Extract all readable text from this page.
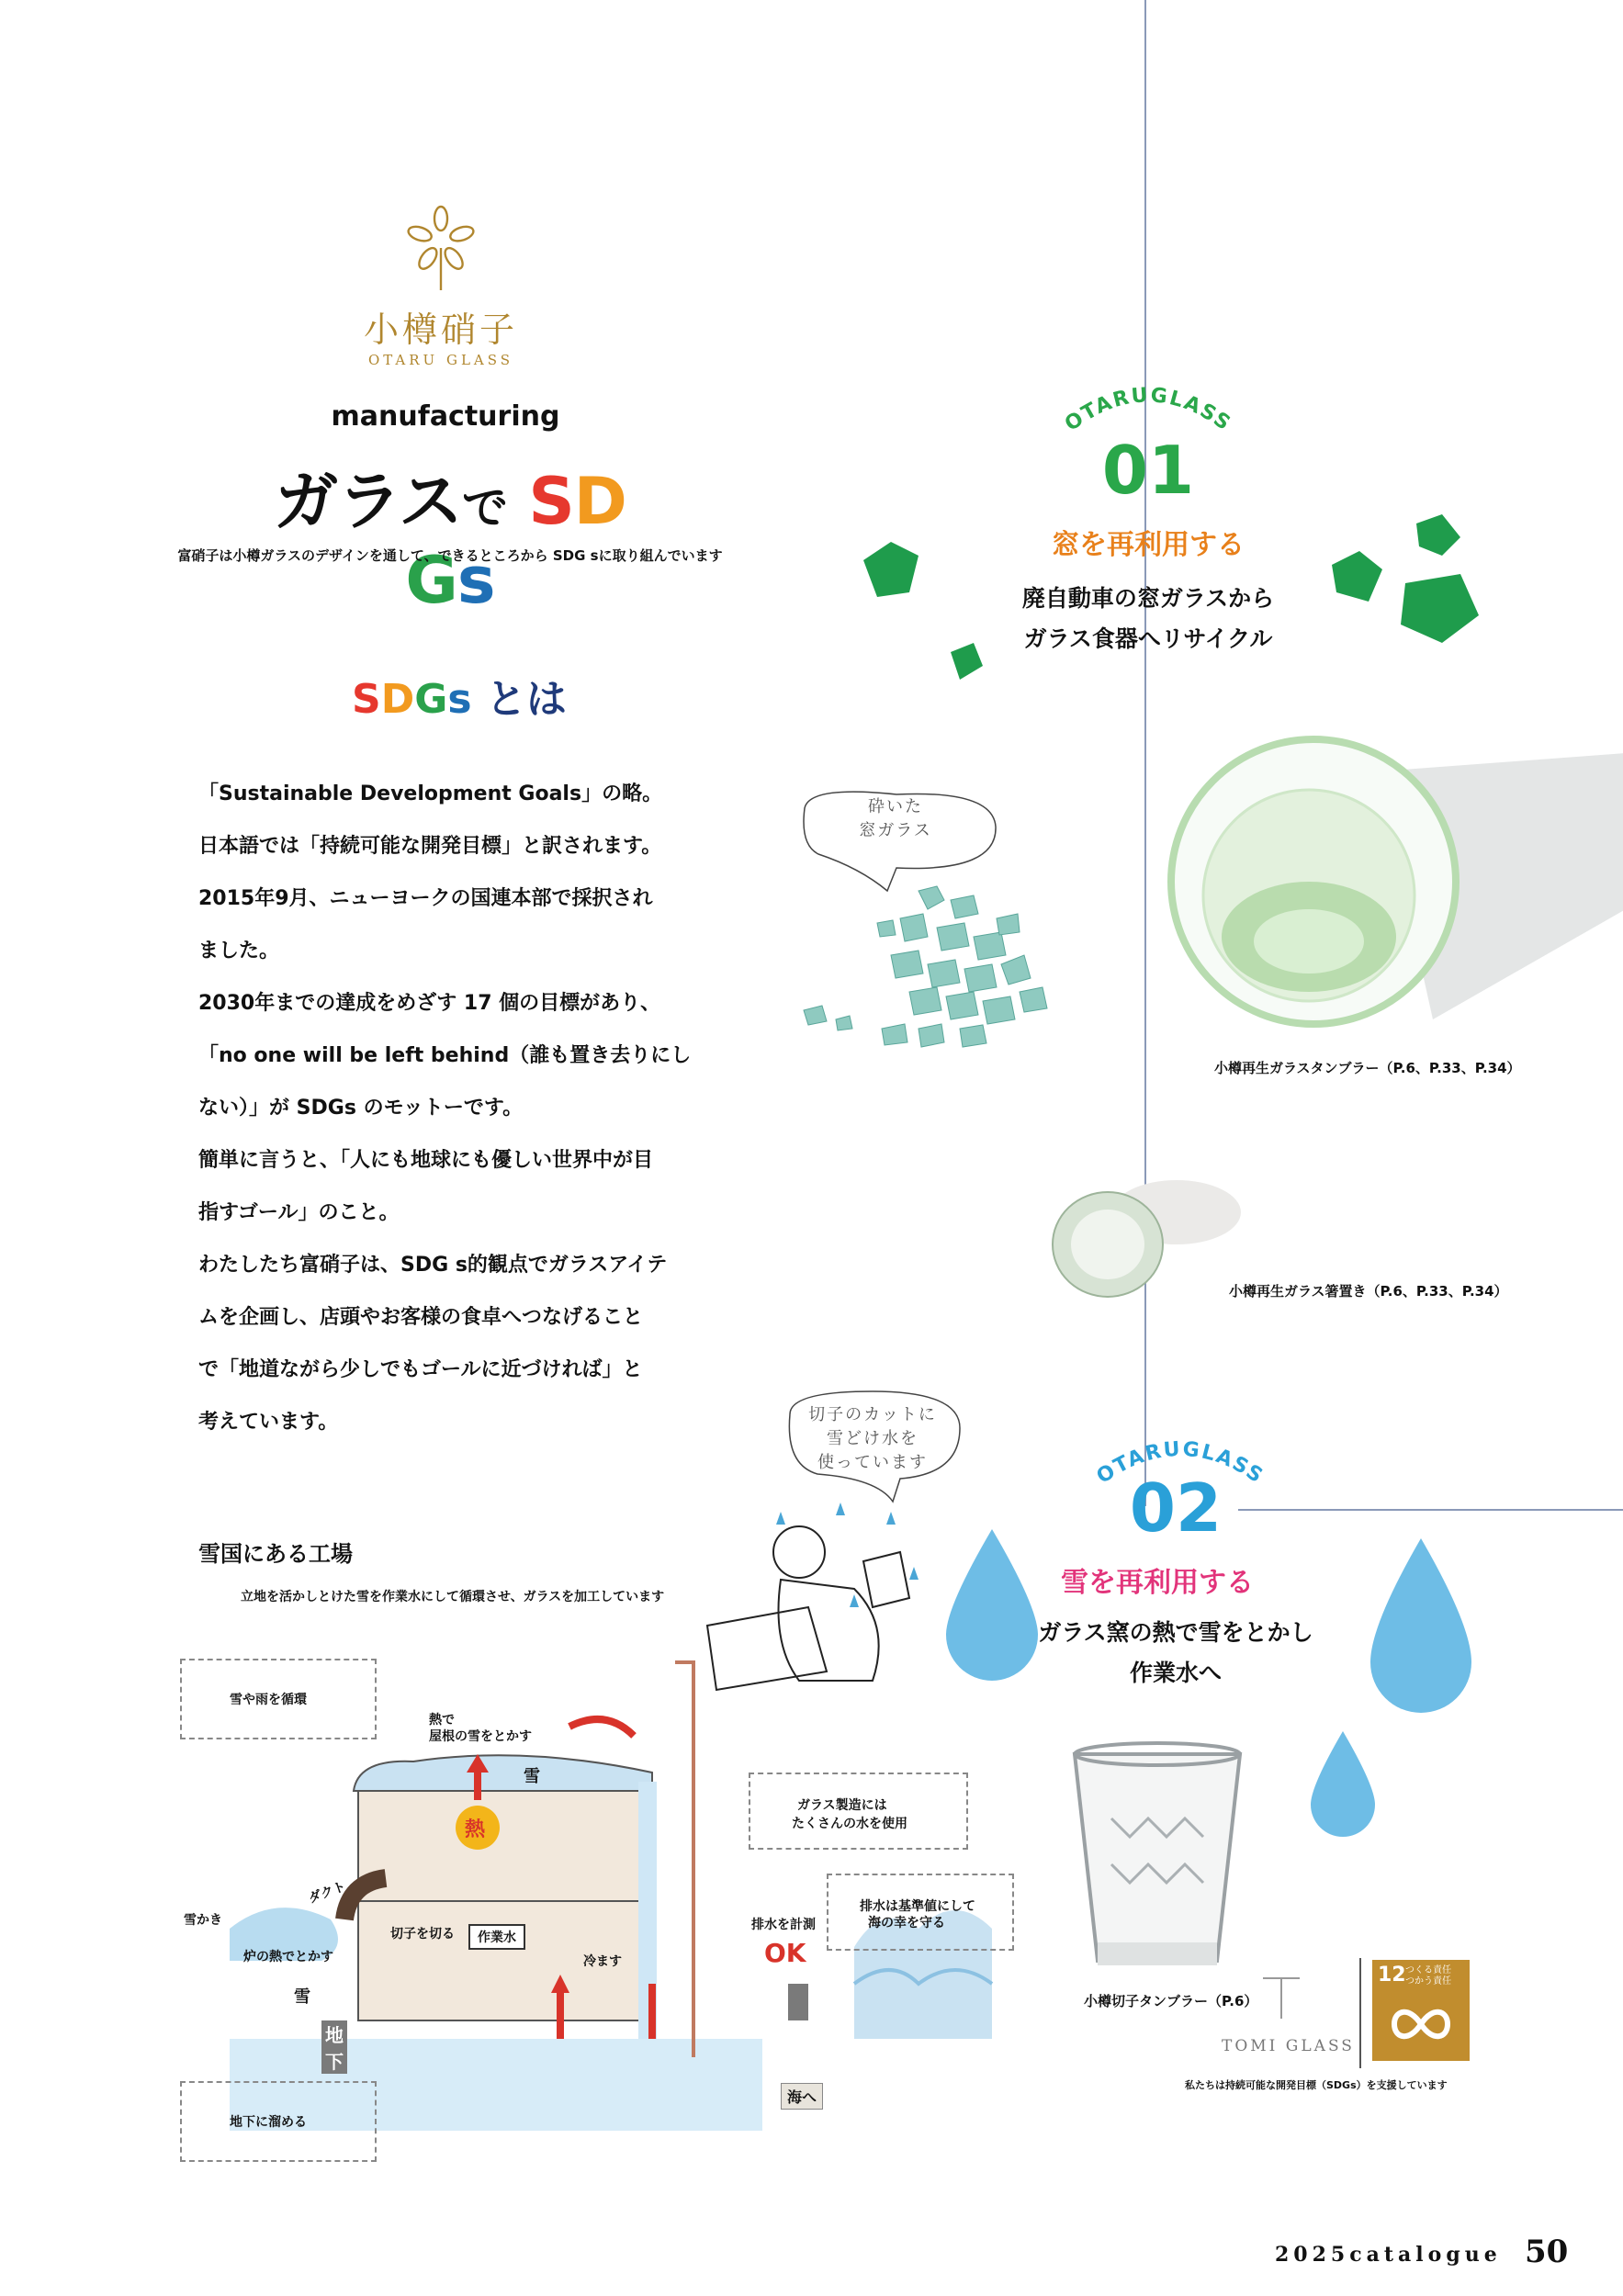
小樽硝子
OTARU GLASS
manufacturing
ガラスで SDGs
富硝子は小樽ガラスのデザインを通して、できるところから SDG sに取り組んでいます
SDGs とは

「Sustainable Development Goals」の略。

日本語では「持続可能な開発目標」と訳されます。

2015年9月、ニューヨークの国連本部で採択され

ました。

2030年までの達成をめざす 17 個の目標があり、

「no one will be left behind（誰も置き去りにし

ない）」が SDGs のモットーです。

簡単に言うと、「人にも地球にも優しい世界中が目

指すゴール」のこと。

わたしたち富硝子は、SDG s的観点でガラスアイテ

ムを企画し、店頭やお客様の食卓へつなげること

で「地道ながら少しでもゴールに近づければ」と

考えています。

OTARUGLASS
01
窓を再利用する
廃自動車の窓ガラスから
ガラス食器へリサイクル
砕いた
窓ガラス
小樽再生ガラスタンブラー（P.6、P.33、P.34）
小樽再生ガラス箸置き（P.6、P.33、P.34）
OTARUGLASS
02
雪を再利用する
ガラス窯の熱で雪をとかし
作業水へ
切子のカットに
雪どけ水を
使っています
小樽切子タンブラー（P.6）
TOMI GLASS
12 つくる責任
つかう責任
私たちは持続可能な開発目標（SDGs）を支援しています
雪国にある工場
立地を活かしとけた雪を作業水にして循環させ、ガラスを加工しています
雪や雨を循環
熱で
屋根の雪をとかす
ガラス製造には
たくさんの水を使用
ダクト
雪
熱
雪かき
炉の熱でとかす
切子を切る	作業水
冷ます
雪
排水を計測
OK
排水は基準値にして
海の幸を守る
地
下
地下に溜める
海へ
2025catalogue 50
